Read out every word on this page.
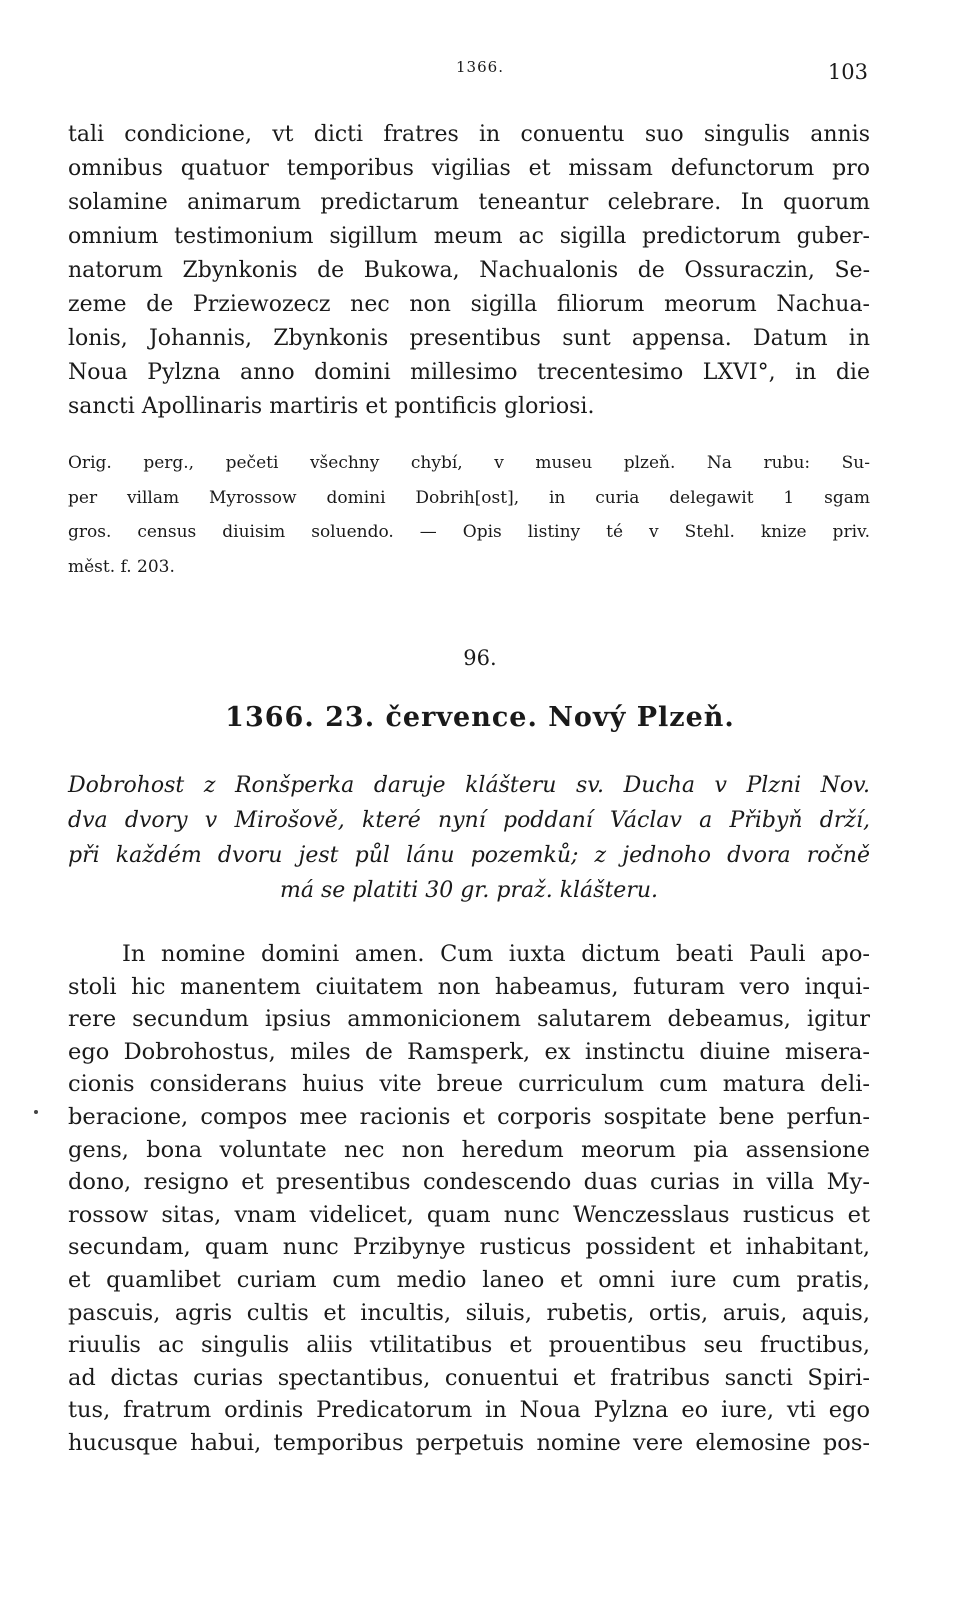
1366.	103
tali condicione, vt dicti fratres in conuentu suo singulis annis
omnibus quatuor temporibus vigilias et missam defunctorum pro
solamine animarum predictarum teneantur celebrare. In quorum
omnium testimonium sigillum meum ac sigilla predictorum guber-
natorum Zbynkonis de Bukowa, Nachualonis de Ossuraczin, Se-
zeme de Prziewozecz nec non sigilla filiorum meorum Nachua-
lonis, Johannis, Zbynkonis presentibus sunt appensa. Datum in
Noua Pylzna anno domini millesimo trecentesimo LXVI°, in die
sancti Apollinaris martiris et pontificis gloriosi.
Orig. perg., pečeti všechny chybí, v museu plzeň. Na rubu: Su-
per villam Myrossow domini Dobrih[ost], in curia delegawit 1 sgam
gros. census diuisim soluendo. — Opis listiny té v Stehl. knize priv.
měst. f. 203.
96.
1366. 23. července. Nový Plzeň.
Dobrohost z Ronšperka daruje klášteru sv. Ducha v Plzni Nov.
dva dvory v Mirošově, které nyní poddaní Václav a Přibyň drží,
při každém dvoru jest půl lánu pozemků; z jednoho dvora ročně
má se platiti 30 gr. praž. klášteru.
In nomine domini amen. Cum iuxta dictum beati Pauli apo-
stoli hic manentem ciuitatem non habeamus, futuram vero inqui-
rere secundum ipsius ammonicionem salutarem debeamus, igitur
ego Dobrohostus, miles de Ramsperk, ex instinctu diuine misera-
cionis considerans huius vite breue curriculum cum matura deli-
beracione, compos mee racionis et corporis sospitate bene perfun-
gens, bona voluntate nec non heredum meorum pia assensione
dono, resigno et presentibus condescendo duas curias in villa My-
rossow sitas, vnam videlicet, quam nunc Wenczesslaus rusticus et
secundam, quam nunc Przibynye rusticus possident et inhabitant,
et quamlibet curiam cum medio laneo et omni iure cum pratis,
pascuis, agris cultis et incultis, siluis, rubetis, ortis, aruis, aquis,
riuulis ac singulis aliis vtilitatibus et prouentibus seu fructibus,
ad dictas curias spectantibus, conuentui et fratribus sancti Spiri-
tus, fratrum ordinis Predicatorum in Noua Pylzna eo iure, vti ego
hucusque habui, temporibus perpetuis nomine vere elemosine pos-
